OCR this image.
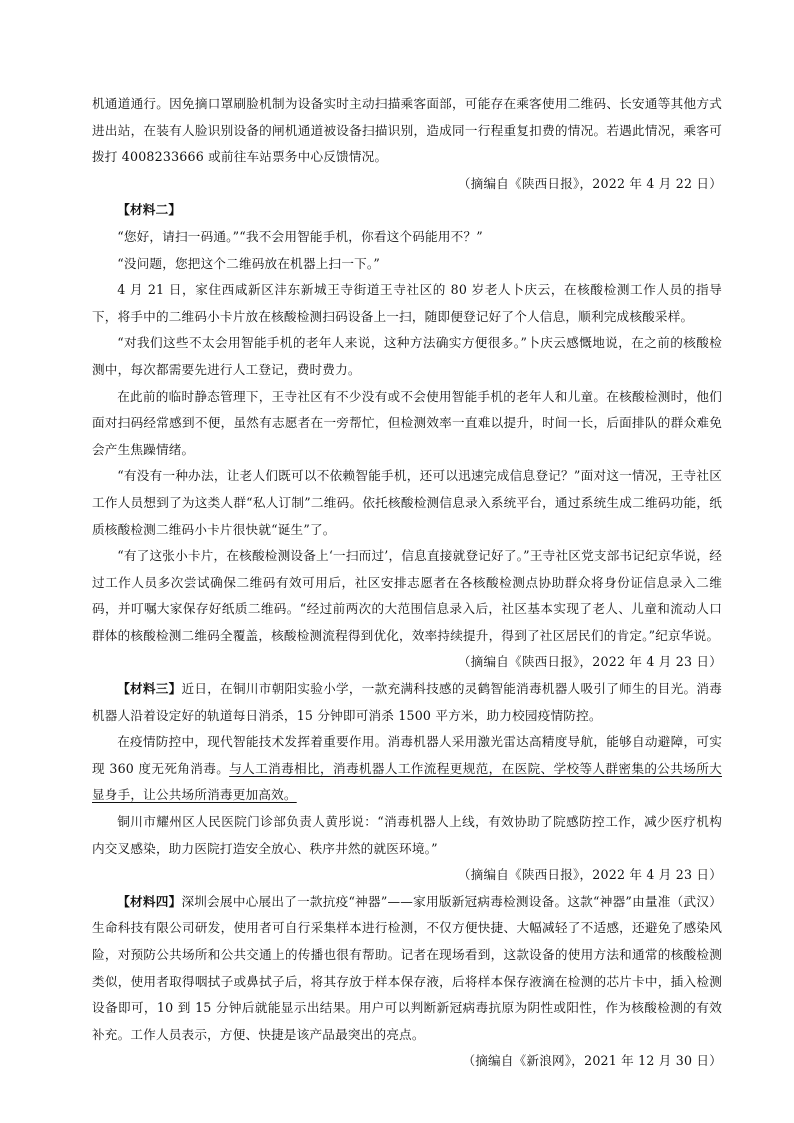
机通道通行。因免摘口罩刷脸机制为设备实时主动扫描乘客面部，可能存在乘客使用二维码、长安通等其他方式进出站，在装有人脸识别设备的闸机通道被设备扫描识别，造成同一行程重复扣费的情况。若遇此情况，乘客可拨打 4008233666 或前往车站票务中心反馈情况。

（摘编自《陕西日报》，2022 年 4 月 22 日）

【材料二】

“您好，请扫一码通。”“我不会用智能手机，你看这个码能用不？”

“没问题，您把这个二维码放在机器上扫一下。”

4 月 21 日，家住西咸新区沣东新城王寺街道王寺社区的 80 岁老人卜庆云，在核酸检测工作人员的指导下，将手中的二维码小卡片放在核酸检测扫码设备上一扫，随即便登记好了个人信息，顺利完成核酸采样。

“对我们这些不太会用智能手机的老年人来说，这种方法确实方便很多。”卜庆云感慨地说，在之前的核酸检测中，每次都需要先进行人工登记，费时费力。

在此前的临时静态管理下，王寺社区有不少没有或不会使用智能手机的老年人和儿童。在核酸检测时，他们面对扫码经常感到不便，虽然有志愿者在一旁帮忙，但检测效率一直难以提升，时间一长，后面排队的群众难免会产生焦躁情绪。

“有没有一种办法，让老人们既可以不依赖智能手机，还可以迅速完成信息登记？”面对这一情况，王寺社区工作人员想到了为这类人群“私人订制”二维码。依托核酸检测信息录入系统平台，通过系统生成二维码功能，纸质核酸检测二维码小卡片很快就“诞生”了。

“有了这张小卡片，在核酸检测设备上‘一扫而过’，信息直接就登记好了。”王寺社区党支部书记纪京华说，经过工作人员多次尝试确保二维码有效可用后，社区安排志愿者在各核酸检测点协助群众将身份证信息录入二维码，并叮嘱大家保存好纸质二维码。“经过前两次的大范围信息录入后，社区基本实现了老人、儿童和流动人口群体的核酸检测二维码全覆盖，核酸检测流程得到优化，效率持续提升，得到了社区居民们的肯定。”纪京华说。

（摘编自《陕西日报》，2022 年 4 月 23 日）

【材料三】近日，在铜川市朝阳实验小学，一款充满科技感的灵鹤智能消毒机器人吸引了师生的目光。消毒机器人沿着设定好的轨道每日消杀，15 分钟即可消杀 1500 平方米，助力校园疫情防控。

在疫情防控中，现代智能技术发挥着重要作用。消毒机器人采用激光雷达高精度导航，能够自动避障，可实现 360 度无死角消毒。与人工消毒相比，消毒机器人工作流程更规范，在医院、学校等人群密集的公共场所大显身手，让公共场所消毒更加高效。

铜川市耀州区人民医院门诊部负责人黄彤说：“消毒机器人上线，有效协助了院感防控工作，减少医疗机构内交叉感染，助力医院打造安全放心、秩序井然的就医环境。”

（摘编自《陕西日报》，2022 年 4 月 23 日）

【材料四】深圳会展中心展出了一款抗疫“神器”——家用版新冠病毒检测设备。这款“神器”由量准（武汉）生命科技有限公司研发，使用者可自行采集样本进行检测，不仅方便快捷、大幅减轻了不适感，还避免了感染风险，对预防公共场所和公共交通上的传播也很有帮助。记者在现场看到，这款设备的使用方法和通常的核酸检测类似，使用者取得咽拭子或鼻拭子后，将其存放于样本保存液，后将样本保存液滴在检测的芯片卡中，插入检测设备即可，10 到 15 分钟后就能显示出结果。用户可以判断新冠病毒抗原为阴性或阳性，作为核酸检测的有效补充。工作人员表示，方便、快捷是该产品最突出的亮点。

（摘编自《新浪网》，2021 年 12 月 30 日）
